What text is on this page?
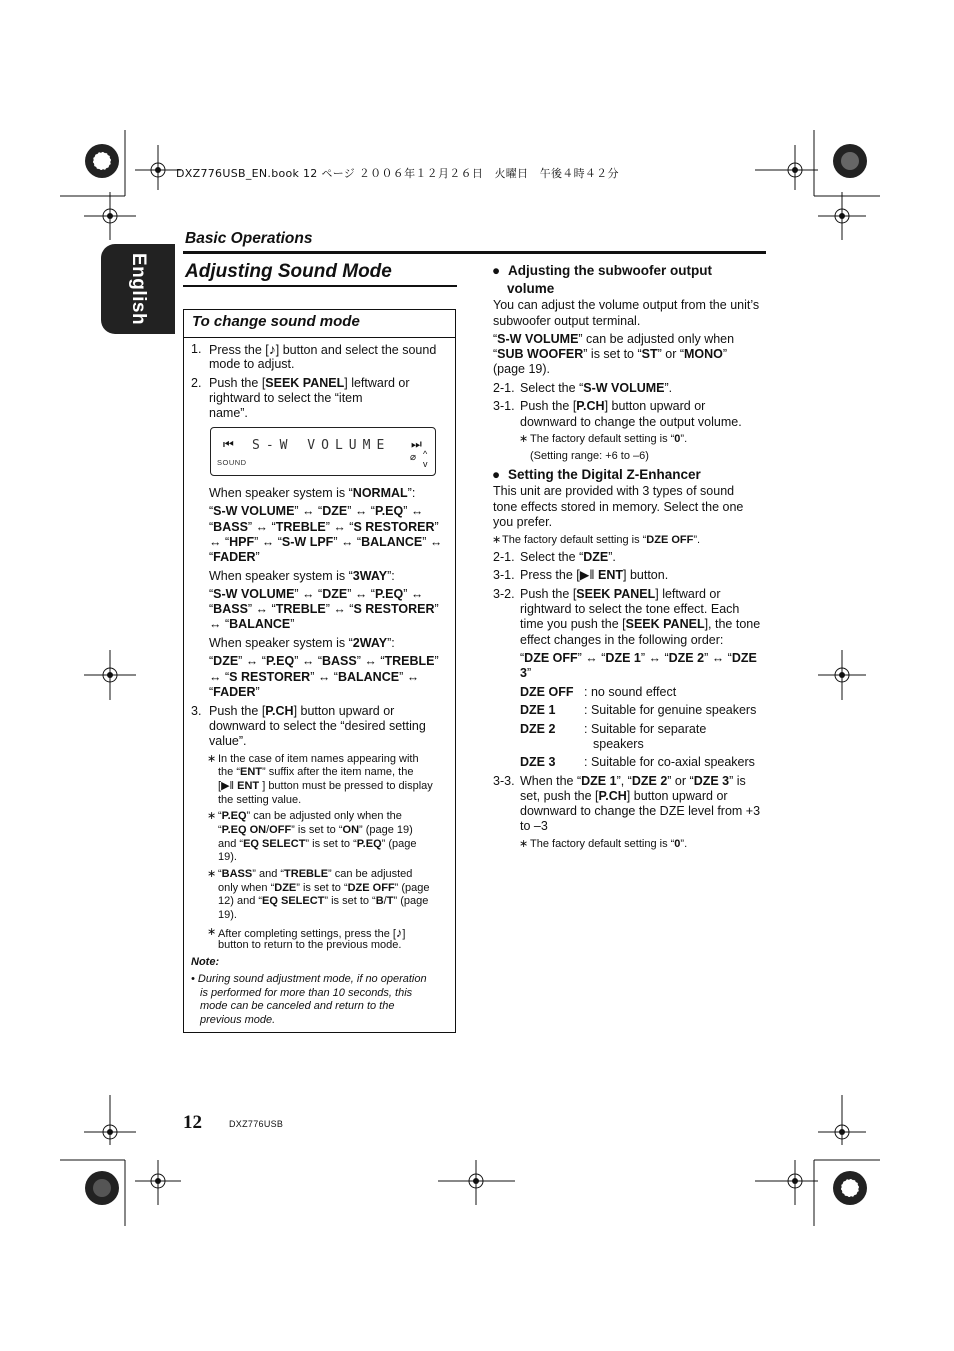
DXZ776USB_EN.book 12 ページ ２００６年１２月２６日　火曜日　午後４時４２分
English
Basic Operations
Adjusting Sound Mode
To change sound mode
1. Press the [♪] button and select the sound
mode to adjust.
2. Push the [SEEK PANEL] leftward or
rightward to select the “item
name”.
⏮ S-W VOLUME ⏭
SOUND	⌀ ^
v
When speaker system is “NORMAL”:
“S-W VOLUME” ↔ “DZE” ↔ “P.EQ” ↔
“BASS” ↔ “TREBLE” ↔ “S RESTORER”
↔ “HPF” ↔ “S-W LPF” ↔ “BALANCE” ↔
“FADER”
When speaker system is “3WAY”:
“S-W VOLUME” ↔ “DZE” ↔ “P.EQ” ↔
“BASS” ↔ “TREBLE” ↔ “S RESTORER”
↔ “BALANCE”
When speaker system is “2WAY”:
“DZE” ↔ “P.EQ” ↔ “BASS” ↔ “TREBLE”
↔ “S RESTORER” ↔ “BALANCE” ↔
“FADER”
3. Push the [P.CH] button upward or
downward to select the “desired setting
value”.
∗ In the case of item names appearing with
the “ENT” suffix after the item name, the
[▶‖ ENT ] button must be pressed to display
the setting value.
∗ “P.EQ” can be adjusted only when the
“P.EQ ON/OFF” is set to “ON” (page 19)
and “EQ SELECT” is set to “P.EQ” (page
19).
∗ “BASS” and “TREBLE” can be adjusted
only when “DZE” is set to “DZE OFF” (page
12) and “EQ SELECT” is set to “B/T” (page
19).
∗ After completing settings, press the [♪]
button to return to the previous mode.
Note:
• During sound adjustment mode, if no operation
is performed for more than 10 seconds, this
mode can be canceled and return to the
previous mode.
● Adjusting the subwoofer output
volume
You can adjust the volume output from the unit’s
subwoofer output terminal.
“S-W VOLUME” can be adjusted only when
“SUB WOOFER” is set to “ST” or “MONO”
(page 19).
2-1. Select the “S-W VOLUME”.
3-1. Push the [P.CH] button upward or
downward to change the output volume.
∗ The factory default setting is “0”.
(Setting range: +6 to –6)
● Setting the Digital Z-Enhancer
This unit are provided with 3 types of sound
tone effects stored in memory. Select the one
you prefer.
∗ The factory default setting is “DZE OFF”.
2-1. Select the “DZE”.
3-1. Press the [▶‖ ENT] button.
3-2. Push the [SEEK PANEL] leftward or
rightward to select the tone effect. Each
time you push the [SEEK PANEL], the tone
effect changes in the following order:
“DZE OFF” ↔ “DZE 1” ↔ “DZE 2” ↔ “DZE
3”
DZE OFF : no sound effect
DZE 1 : Suitable for genuine speakers
DZE 2 : Suitable for separate
speakers
DZE 3 : Suitable for co-axial speakers
3-3. When the “DZE 1”, “DZE 2” or “DZE 3” is
set, push the [P.CH] button upward or
downward to change the DZE level from +3
to –3
∗ The factory default setting is “0”.
12	DXZ776USB
